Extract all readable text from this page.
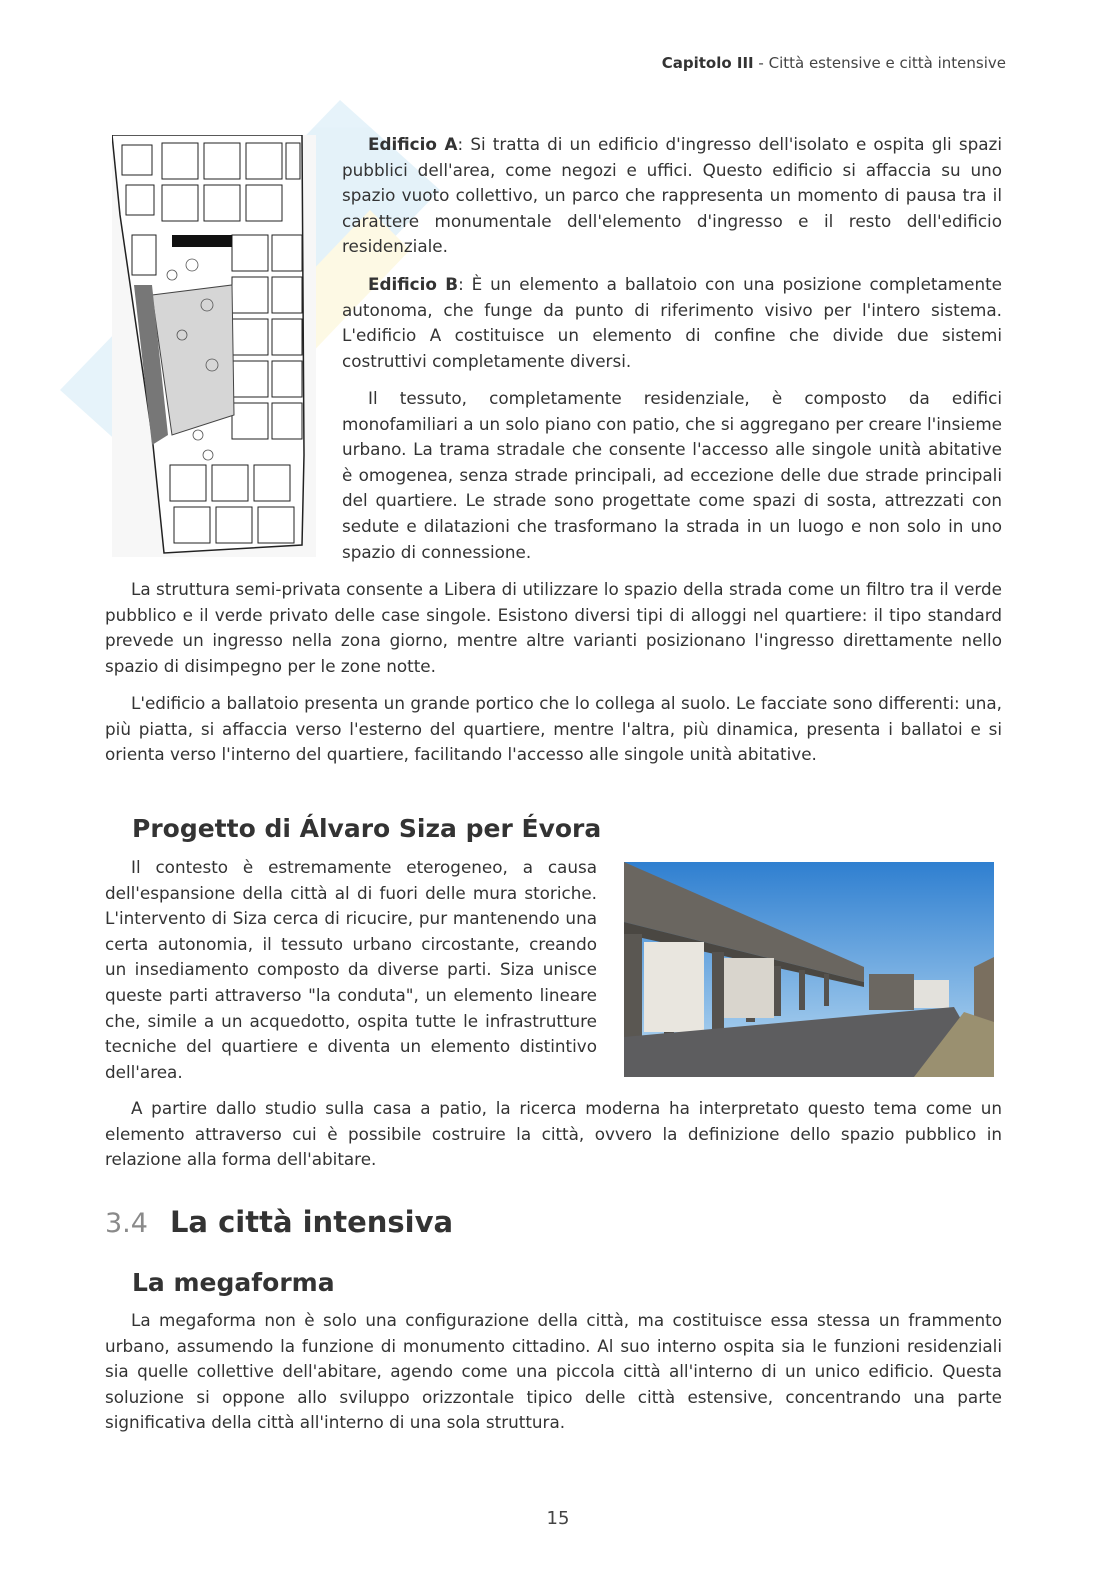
Capitolo III - Città estensive e città intensive

Edificio A: Si tratta di un edificio d'ingresso dell'isolato e ospita gli spazi pubblici dell'area, come negozi e uffici. Questo edificio si affaccia su uno spazio vuoto collettivo, un parco che rappresenta un momento di pausa tra il carattere monumentale dell'elemento d'ingresso e il resto dell'edificio residenziale.

Edificio B: È un elemento a ballatoio con una posizione completamente autonoma, che funge da punto di riferimento visivo per l'intero sistema. L'edificio A costituisce un elemento di confine che divide due sistemi costruttivi completamente diversi.

Il tessuto, completamente residenziale, è composto da edifici monofamiliari a un solo piano con patio, che si aggregano per creare l'insieme urbano. La trama stradale che consente l'accesso alle singole unità abitative è omogenea, senza strade principali, ad eccezione delle due strade principali del quartiere. Le strade sono progettate come spazi di sosta, attrezzati con sedute e dilatazioni che trasformano la strada in un luogo e non solo in uno spazio di connessione.

La struttura semi-privata consente a Libera di utilizzare lo spazio della strada come un filtro tra il verde pubblico e il verde privato delle case singole. Esistono diversi tipi di alloggi nel quartiere: il tipo standard prevede un ingresso nella zona giorno, mentre altre varianti posizionano l'ingresso direttamente nello spazio di disimpegno per le zone notte.

L'edificio a ballatoio presenta un grande portico che lo collega al suolo. Le facciate sono differenti: una, più piatta, si affaccia verso l'esterno del quartiere, mentre l'altra, più dinamica, presenta i ballatoi e si orienta verso l'interno del quartiere, facilitando l'accesso alle singole unità abitative.

Progetto di Álvaro Siza per Évora

Il contesto è estremamente eterogeneo, a causa dell'espansione della città al di fuori delle mura storiche. L'intervento di Siza cerca di ricucire, pur mantenendo una certa autonomia, il tessuto urbano circostante, creando un insediamento composto da diverse parti. Siza unisce queste parti attraverso "la conduta", un elemento lineare che, simile a un acquedotto, ospita tutte le infrastrutture tecniche del quartiere e diventa un elemento distintivo dell'area.

A partire dallo studio sulla casa a patio, la ricerca moderna ha interpretato questo tema come un elemento attraverso cui è possibile costruire la città, ovvero la definizione dello spazio pubblico in relazione alla forma dell'abitare.

3.4 La città intensiva
La megaforma

La megaforma non è solo una configurazione della città, ma costituisce essa stessa un frammento urbano, assumendo la funzione di monumento cittadino. Al suo interno ospita sia le funzioni residenziali sia quelle collettive dell'abitare, agendo come una piccola città all'interno di un unico edificio. Questa soluzione si oppone allo sviluppo orizzontale tipico delle città estensive, concentrando una parte significativa della città all'interno di una sola struttura.

15
